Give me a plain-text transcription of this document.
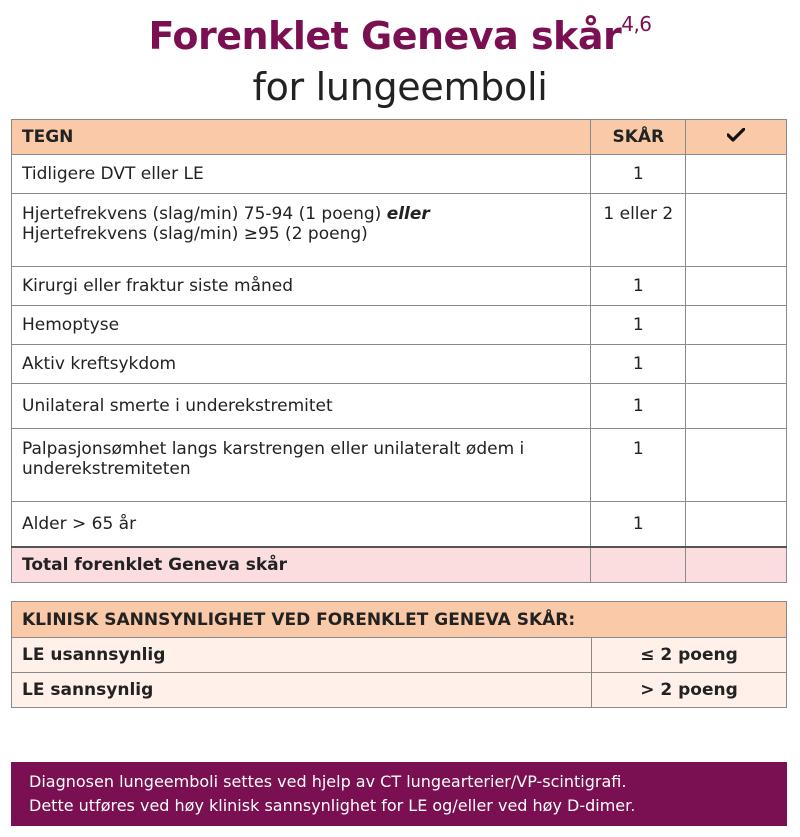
Forenklet Geneva skår$^{4,6}$
for lungeemboli
TEGN	SKÅR	
Tidligere DVT eller LE	1	
Hjertefrekvens (slag/min) 75-94 (1 poeng) eller
Hjertefrekvens (slag/min) ≥95 (2 poeng)	1 eller 2	
Kirurgi eller fraktur siste måned	1	
Hemoptyse	1	
Aktiv kreftsykdom	1	
Unilateral smerte i underekstremitet	1	
Palpasjonsømhet langs karstrengen eller unilateralt ødem i underekstremiteten	1	
Alder > 65 år	1	
Total forenklet Geneva skår		
KLINISK SANNSYNLIGHET VED FORENKLET GENEVA SKÅR:	
LE usannsynlig	≤ 2 poeng
LE sannsynlig	> 2 poeng
Diagnosen lungeemboli settes ved hjelp av CT lungearterier/VP-scintigrafi.
Dette utføres ved høy klinisk sannsynlighet for LE og/eller ved høy D-dimer.
